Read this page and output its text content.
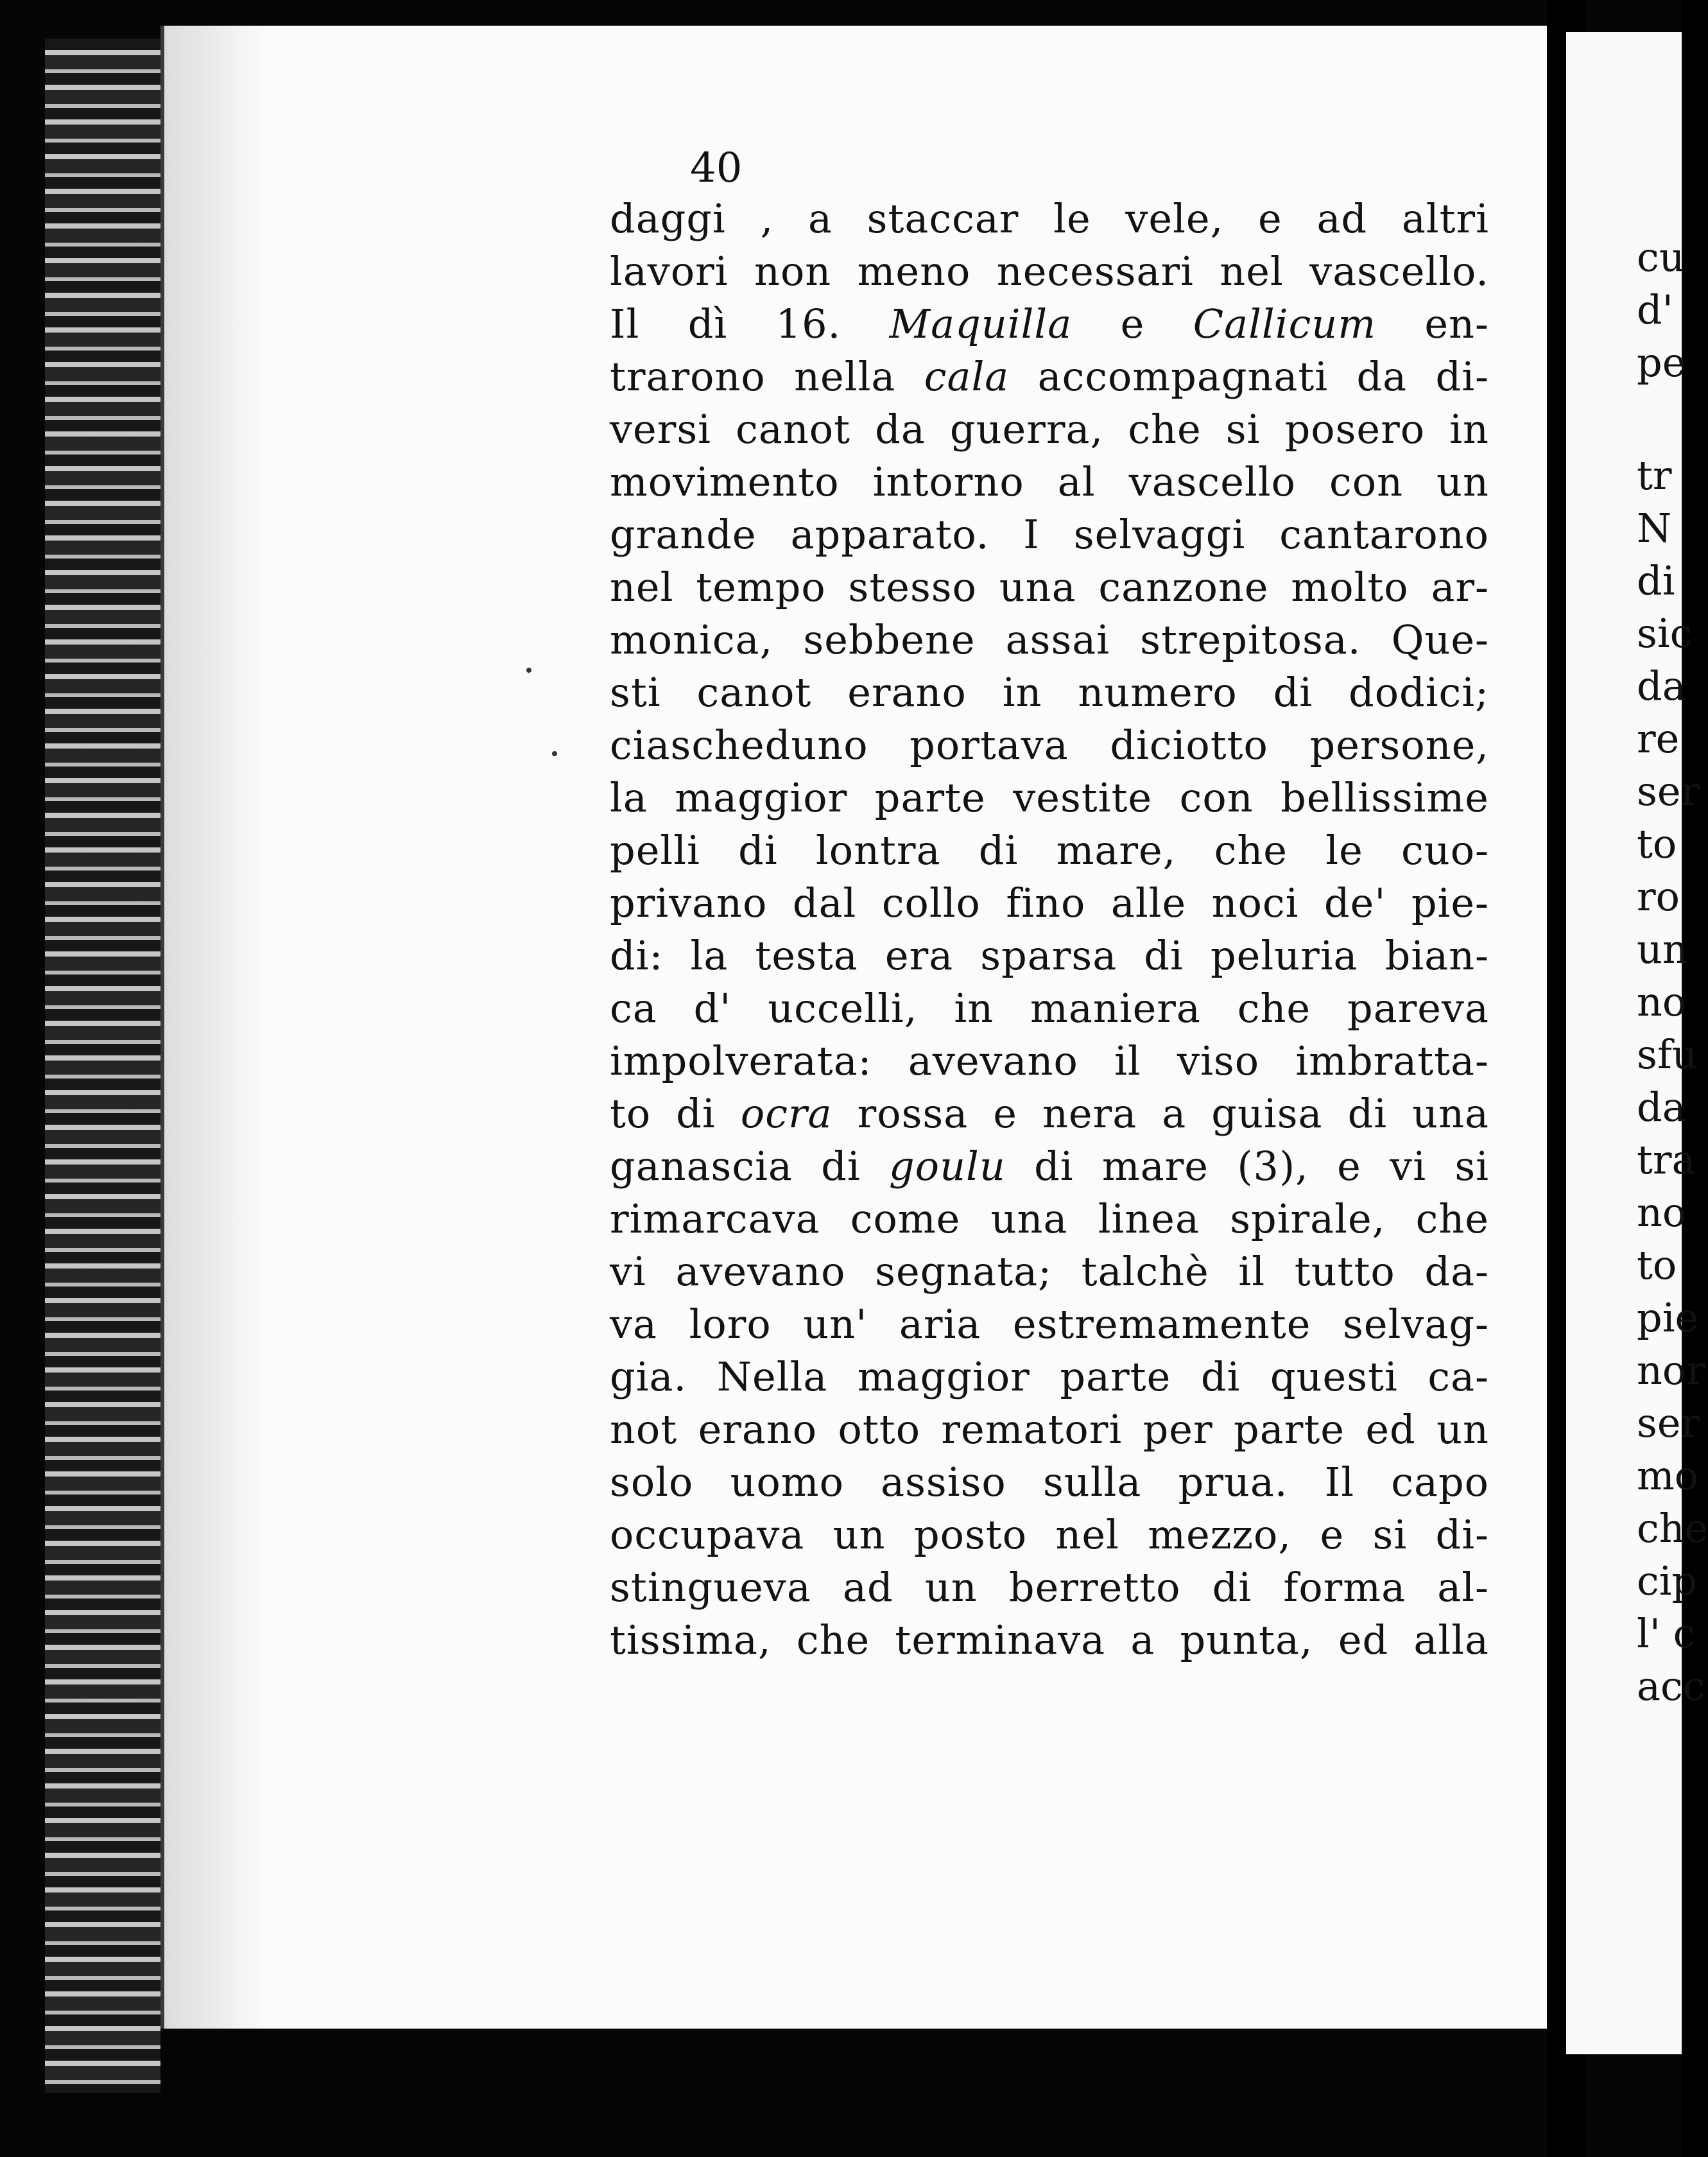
40

daggi , a staccar le vele, e ad altri
lavori non meno necessari nel vascello.
Il dì 16. Maquilla e Callicum en-
trarono nella cala accompagnati da di-
versi canot da guerra, che si posero in
movimento intorno al vascello con un
grande apparato. I selvaggi cantarono
nel tempo stesso una canzone molto ar-
monica, sebbene assai strepitosa. Que-
sti canot erano in numero di dodici;
ciascheduno portava diciotto persone,
la maggior parte vestite con bellissime
pelli di lontra di mare, che le cuo-
privano dal collo fino alle noci de' pie-
di: la testa era sparsa di peluria bian-
ca d' uccelli, in maniera che pareva
impolverata: avevano il viso imbratta-
to di ocra rossa e nera a guisa di una
ganascia di goulu di mare (3), e vi si
rimarcava come una linea spirale, che
vi avevano segnata; talchè il tutto da-
va loro un' aria estremamente selvag-
gia. Nella maggior parte di questi ca-
not erano otto rematori per parte ed un
solo uomo assiso sulla prua. Il capo
occupava un posto nel mezzo, e si di-
stingueva ad un berretto di forma al-
tissima, che terminava a punta, ed alla
cu
d'
pe
tr
N
di
sic
da
re
ser
to
ro
un
no
sfu
da
tra
no
to
pie
nor
ser
mo
che
cip
l' c
acc
